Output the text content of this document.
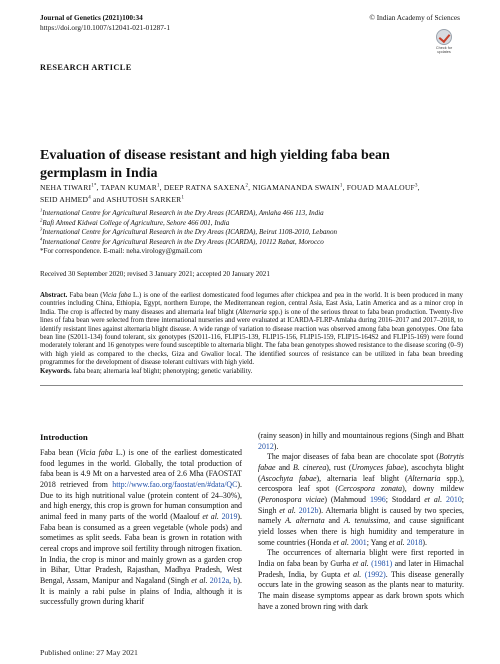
Journal of Genetics (2021)100:34
https://doi.org/10.1007/s12041-021-01287-1
© Indian Academy of Sciences
Check for
updates
RESEARCH ARTICLE
Evaluation of disease resistant and high yielding faba bean germplasm in India
NEHA $TIWARI^{1*}$, TAPAN KUMAR$^1$, DEEP RATNA SAXENA$^2$, NIGAMANANDA SWAIN$^1$, FOUAD MAALOUF$^3$,
SEID AHMED$^4$ and ASHUTOSH SARKER$^1$
$^1$International Centre for Agricultural Research in the Dry Areas (ICARDA), Amlaha 466 113, India
$^2$Rafi Ahmed Kidwai College of Agriculture, Sehore 466 001, India
$^3$International Centre for Agricultural Research in the Dry Areas (ICARDA), Beirut 1108-2010, Lebanon
$^4$International Centre for Agricultural Research in the Dry Areas (ICARDA), 10112 Rabat, Morocco
*For correspondence. E-mail: neha.virology@gmail.com
Received 30 September 2020; revised 3 January 2021; accepted 20 January 2021
Abstract. Faba bean (Vicia faba L.) is one of the earliest domesticated food legumes after chickpea and pea in the world. It is been produced in many countries including China, Ethiopia, Egypt, northern Europe, the Mediterranean region, central Asia, East Asia, Latin America and as a minor crop in India. The crop is affected by many diseases and alternaria leaf blight (Alternaria spp.) is one of the serious threat to faba bean production. Twenty-five lines of faba bean were selected from three international nurseries and were evaluated at ICARDA-FLRP-Amlaha during 2016–2017 and 2017–2018, to identify resistant lines against alternaria blight disease. A wide range of variation to disease reaction was observed among faba bean genotypes. One faba bean line (S2011-134) found tolerant, six genotypes (S2011-116, FLIP15-139, FLIP15-156, FLIP15-159, FLIP15-164S2 and FLIP15-169) were found moderately tolerant and 16 genotypes were found susceptible to alternaria blight. The faba bean genotypes showed resistance to the disease scoring (0–9) with high yield as compared to the checks, Giza and Gwalior local. The identified sources of resistance can be utilized in faba bean breeding programmes for the development of disease tolerant cultivars with high yield.
Keywords. faba bean; alternaria leaf blight; phenotyping; genetic variability.
Introduction

Faba bean (Vicia faba L.) is one of the earliest domesticated food legumes in the world. Globally, the total production of faba bean is 4.9 Mt on a harvested area of 2.6 Mha (FAOSTAT 2018 retrieved from http://www.fao.org/faostat/en/#data/QC). Due to its high nutritional value (protein content of 24–30%), and high energy, this crop is grown for human consumption and animal feed in many parts of the world (Maalouf et al. 2019). Faba bean is consumed as a green vegetable (whole pods) and sometimes as split seeds. Faba bean is grown in rotation with cereal crops and improve soil fertility through nitrogen fixation. In India, the crop is minor and mainly grown as a garden crop in Bihar, Uttar Pradesh, Rajasthan, Madhya Pradesh, West Bengal, Assam, Manipur and Nagaland (Singh et al. 2012a, b). It is mainly a rabi pulse in plains of India, although it is successfully grown during kharif

(rainy season) in hilly and mountainous regions (Singh and Bhatt 2012).

The major diseases of faba bean are chocolate spot (Botrytis fabae and B. cinerea), rust (Uromyces fabae), ascochyta blight (Ascochyta fabae), alternaria leaf blight (Alternaria spp.), cercospora leaf spot (Cercospora zonata), downy mildew (Peronospora viciae) (Mahmoud 1996; Stoddard et al. 2010; Singh et al. 2012b). Alternaria blight is caused by two species, namely A. alternata and A. tenuissima, and cause significant yield losses when there is high humidity and temperature in some countries (Honda et al. 2001; Yang et al. 2018).

The occurrences of alternaria blight were first reported in India on faba bean by Gurha et al. (1981) and later in Himachal Pradesh, India, by Gupta et al. (1992). This disease generally occurs late in the growing season as the plants near to maturity. The main disease symptoms appear as dark brown spots which have a zoned brown ring with dark

Published online: 27 May 2021
